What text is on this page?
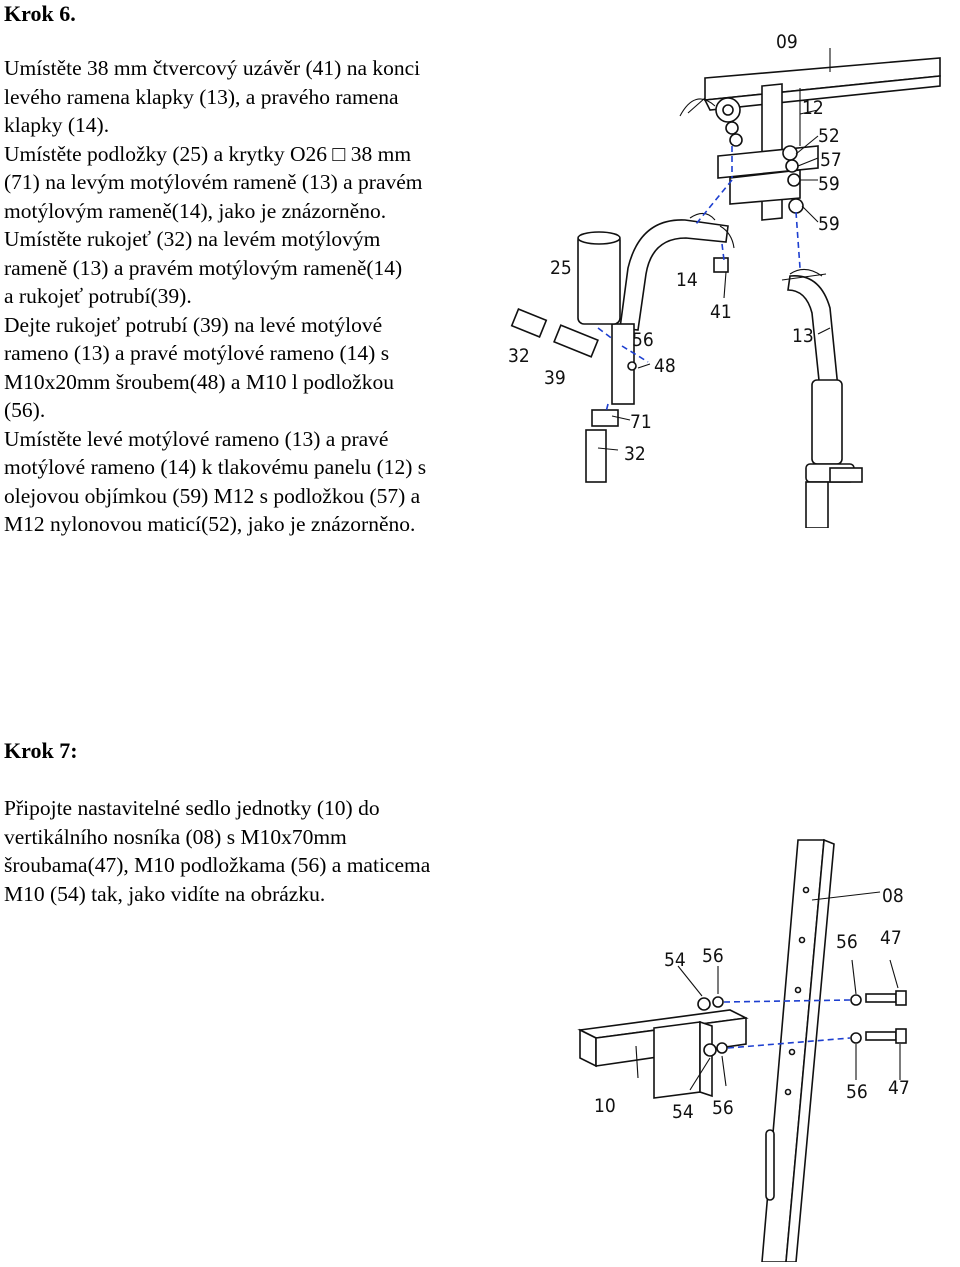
Krok 6.
Umístěte 38 mm čtvercový uzávěr (41) na konci
levého ramena klapky (13), a pravého ramena
klapky (14).
Umístěte podložky (25) a krytky O26 □ 38 mm
(71) na levým motýlovém rameně (13) a pravém
motýlovým rameně(14), jako je znázorněno.
Umístěte rukojeť (32) na levém motýlovým
rameně (13) a pravém motýlovým rameně(14)
a rukojeť potrubí(39).
Dejte rukojeť potrubí (39) na levé motýlové
rameno (13) a pravé motýlové rameno (14) s
M10x20mm šroubem(48) a M10 l podložkou
(56).
Umístěte levé motýlové rameno (13) a pravé
motýlové rameno (14) k tlakovému panelu (12) s
olejovou objímkou (59) M12 s podložkou (57) a
M12 nylonovou maticí(52), jako je znázorněno.
09
12
52
57
59
59
25
14
41
13
56
48
32
39
71
32
Krok 7:
Připojte nastavitelné sedlo jednotky (10) do
vertikálního nosníka (08) s M10x70mm
šroubama(47), M10 podložkama (56) a maticema
M10 (54) tak, jako vidíte na obrázku.	08
54 56
56 47
56 47
10	54 56
